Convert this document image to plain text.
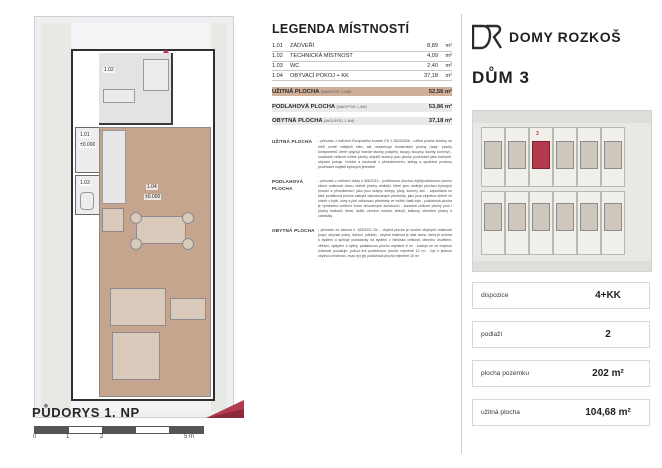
1.02
1.01
±0.000
1.03
1.04
±0.000
PŮDORYS 1. NP
0	1	2	5 m
LEGENDA MÍSTNOSTÍ
1.01	ZÁDVEŘÍ	8,89	m²
1.02	TECHNICKÁ MÍSTNOST	4,09	m²
1.03	WC	2,40	m²
1.04	OBÝVACÍ POKOJ + KK	37,18	m²
UŽITNÁ PLOCHA (NAD/POD 1,6M)	52,56 m²
PODLAHOVÁ PLOCHA (NAD/POD 1,6M)	53,86 m²
OBYTNÁ PLOCHA (NAD/POD 1,6M)	37,18 m²
UŽITNÁ PLOCHA	- převzato z nařízení Evropského komise ES č.1503/2006 - užitná plocha budovy se měří uvnitř vnějších stěn, ale nezahrnuje konstrukční plochy (např. plochy komponentů, které vytyčují hranice stavby, podpěry, sloupy, sloupky, šachty, komíny) - současně celkové užitné plochy objektů budovy jsou plochy používané jako kuchyně, obývací pokoje, ložnice a místnosti s příslušenstvím, sklepy a společné prostory používané majiteli bytových jednotek
PODLAHOVÁ PLOCHA
- převzato z nařízení vlády č.366/2013 - podlahovou plochou bytů/podlahovou plochu všech místností domu včetně plochy vedlejší, které jsou vedlejší plochou bytových prostor a příslušenství, jako jsou sklepy, sklepy, půdy, komíny atd. - započítává se také podlahová plocha zakrytá zabudovanými předměty, jako jsou zejména skříně ve zdech v bytě, vany a jiné zařizovací předměty ve vnitřní části bytu - podlahová plocha je vymezena vnitřním lícem obvodových konstrukcí - součástí celkové plochy jsou i plochy balkonů, teras, lodžií, zimních zahrad, sklepů, balkony, otevřené plochy a zahrádky
OBYTNÁ PLOCHA - převzato ze zákona č. 183/2021 Sb. - obytná plocha je souhrn obytných místností (např. obývací pokoj, ložnice, jídelna) - obytná místnost je část domu, která je určena k bydlení a splňuje požadavky na bydlení z hlediska velikosti, denního osvětlení, větrání, vytápění a výšky, podlahovou plochu nejméně 8 m² - kuchyň se za obytnou místnost považuje, pokud má podlahovou plochu nejméně 12 m² - byt s jedinou obytnou místností, musí být její podlahová plocha nejméně 16 m²
DOMY ROZKOŠ
DŮM 3
3
dispozice	4+KK
podlaží	2
plocha pozemku	202 m²
užitná plocha	104,68 m²
